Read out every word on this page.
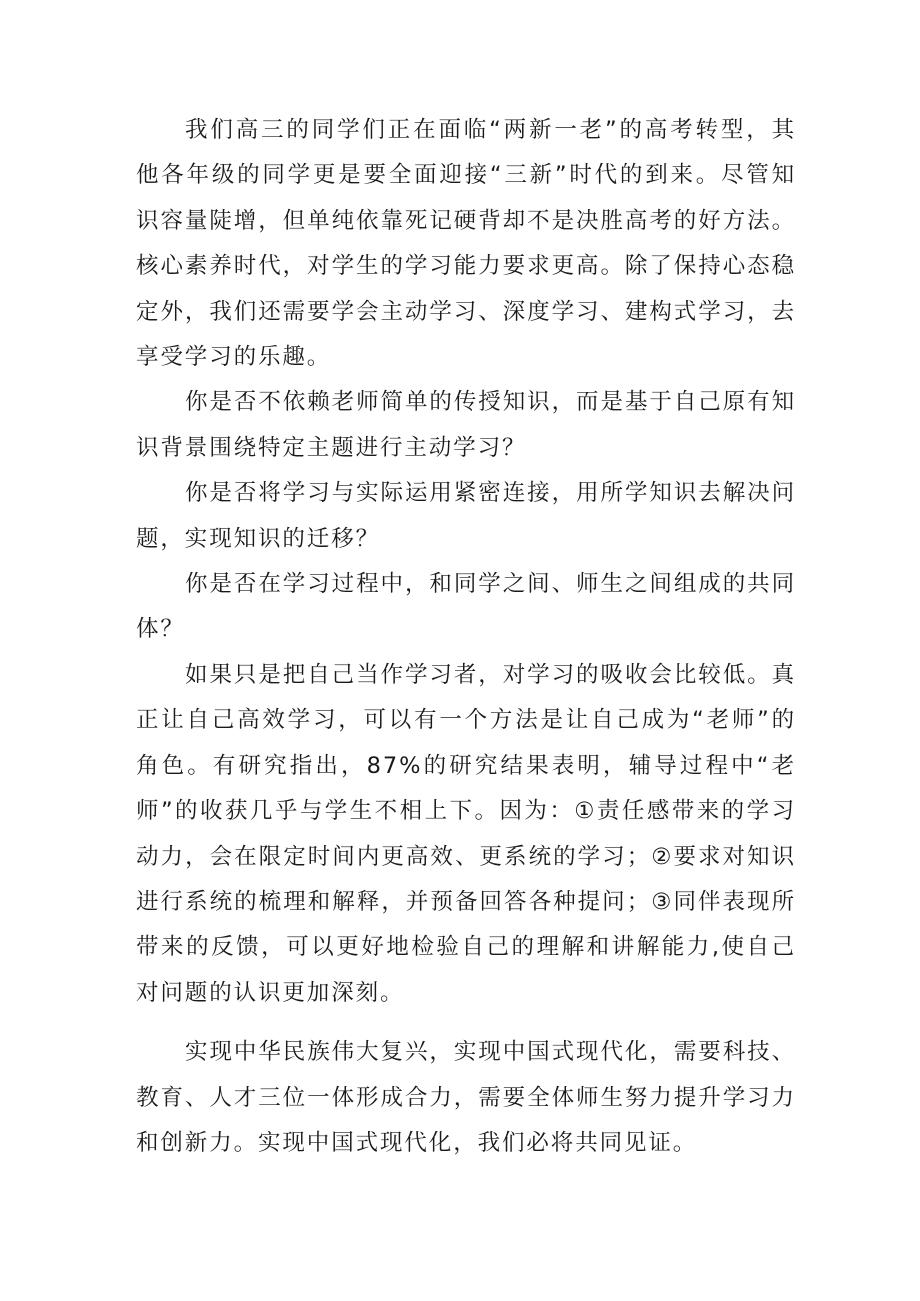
我们高三的同学们正在面临“两新一老”的高考转型，其他各年级的同学更是要全面迎接“三新”时代的到来。尽管知识容量陡增，但单纯依靠死记硬背却不是决胜高考的好方法。核心素养时代，对学生的学习能力要求更高。除了保持心态稳定外，我们还需要学会主动学习、深度学习、建构式学习，去享受学习的乐趣。

你是否不依赖老师简单的传授知识，而是基于自己原有知识背景围绕特定主题进行主动学习？

你是否将学习与实际运用紧密连接，用所学知识去解决问题，实现知识的迁移？

你是否在学习过程中，和同学之间、师生之间组成的共同体？

如果只是把自己当作学习者，对学习的吸收会比较低。真正让自己高效学习，可以有一个方法是让自己成为“老师”的角色。有研究指出，87%的研究结果表明，辅导过程中“老师”的收获几乎与学生不相上下。因为：①责任感带来的学习动力，会在限定时间内更高效、更系统的学习；②要求对知识进行系统的梳理和解释，并预备回答各种提问；③同伴表现所带来的反馈，可以更好地检验自己的理解和讲解能力,使自己对问题的认识更加深刻。

实现中华民族伟大复兴，实现中国式现代化，需要科技、教育、人才三位一体形成合力，需要全体师生努力提升学习力和创新力。实现中国式现代化，我们必将共同见证。
